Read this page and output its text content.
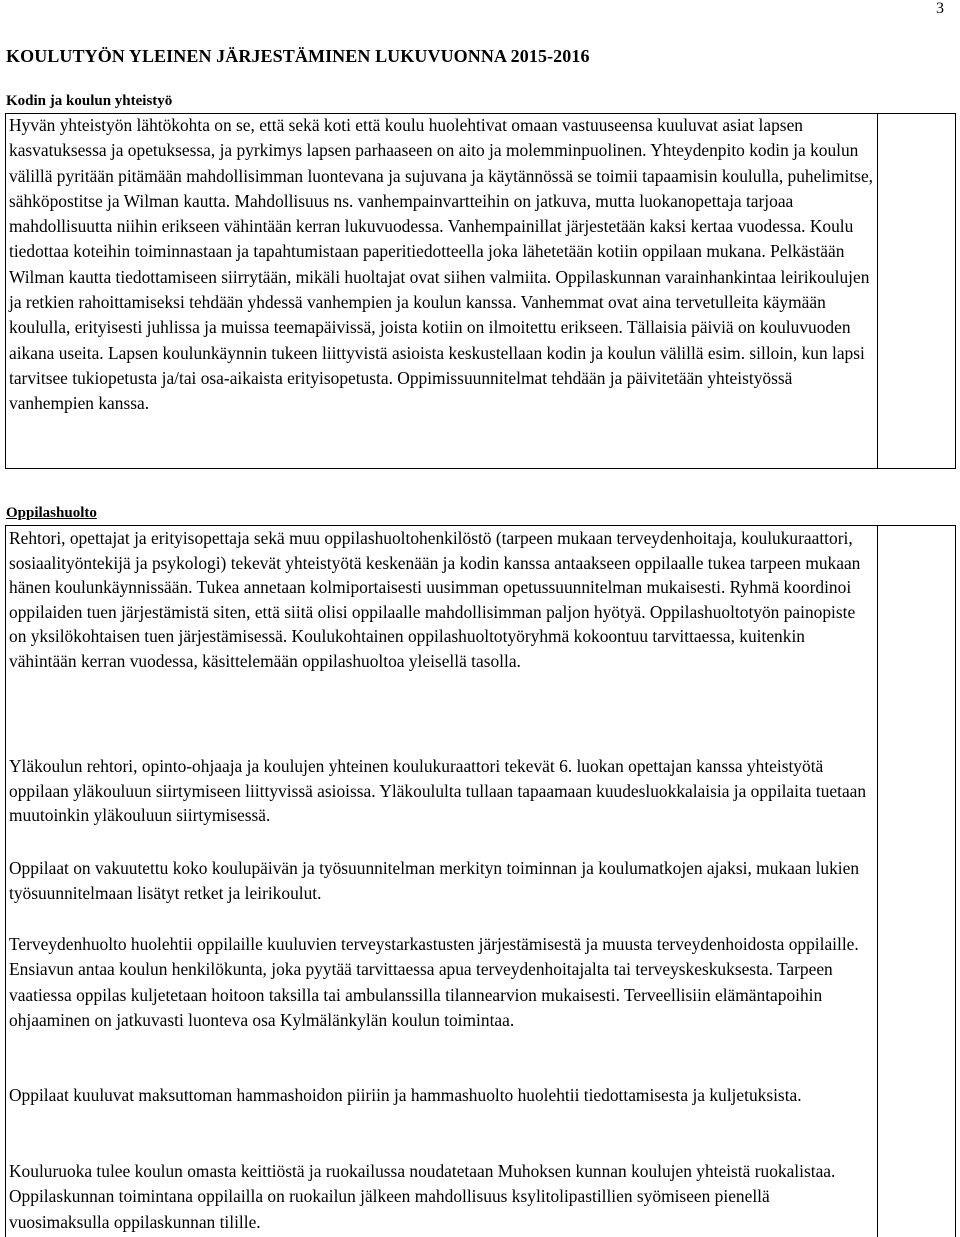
3
KOULUTYÖN YLEINEN JÄRJESTÄMINEN LUKUVUONNA 2015-2016
Kodin ja koulun yhteistyö

Hyvän yhteistyön lähtökohta on se, että sekä koti että koulu huolehtivat omaan vastuuseensa kuuluvat asiat lapsen kasvatuksessa ja opetuksessa, ja pyrkimys lapsen parhaaseen on aito ja molemminpuolinen. Yhteydenpito kodin ja koulun välillä pyritään pitämään mahdollisimman luontevana ja sujuvana ja käytännössä se toimii tapaamisin koululla, puhelimitse, sähköpostitse ja Wilman kautta. Mahdollisuus ns. vanhempainvartteihin on jatkuva, mutta luokanopettaja tarjoaa mahdollisuutta niihin erikseen vähintään kerran lukuvuodessa. Vanhempainillat järjestetään kaksi kertaa vuodessa. Koulu tiedottaa koteihin toiminnastaan ja tapahtumistaan paperitiedotteella joka lähetetään kotiin oppilaan mukana. Pelkästään Wilman kautta tiedottamiseen siirrytään, mikäli huoltajat ovat siihen valmiita. Oppilaskunnan varainhankintaa leirikoulujen ja retkien rahoittamiseksi tehdään yhdessä vanhempien ja koulun kanssa. Vanhemmat ovat aina tervetulleita käymään koululla, erityisesti juhlissa ja muissa teemapäivissä, joista kotiin on ilmoitettu erikseen. Tällaisia päiviä on kouluvuoden aikana useita. Lapsen koulunkäynnin tukeen liittyvistä asioista keskustellaan kodin ja koulun välillä esim. silloin, kun lapsi tarvitsee tukiopetusta ja/tai osa-aikaista erityisopetusta. Oppimissuunnitelmat tehdään ja päivitetään yhteistyössä vanhempien kanssa.

Oppilashuolto

Rehtori, opettajat ja erityisopettaja sekä muu oppilashuoltohenkilöstö (tarpeen mukaan terveydenhoitaja, koulukuraattori, sosiaalityöntekijä ja psykologi) tekevät yhteistyötä keskenään ja kodin kanssa antaakseen oppilaalle tukea tarpeen mukaan hänen koulunkäynnissään. Tukea annetaan kolmiportaisesti uusimman opetussuunnitelman mukaisesti. Ryhmä koordinoi oppilaiden tuen järjestämistä siten, että siitä olisi oppilaalle mahdollisimman paljon hyötyä. Oppilashuoltotyön painopiste on yksilökohtaisen tuen järjestämisessä. Koulukohtainen oppilashuoltotyöryhmä kokoontuu tarvittaessa, kuitenkin vähintään kerran vuodessa, käsittelemään oppilashuoltoa yleisellä tasolla.

Yläkoulun rehtori, opinto-ohjaaja ja koulujen yhteinen koulukuraattori tekevät 6. luokan opettajan kanssa yhteistyötä oppilaan yläkouluun siirtymiseen liittyvissä asioissa. Yläkoululta tullaan tapaamaan kuudesluokkalaisia ja oppilaita tuetaan muutoinkin yläkouluun siirtymisessä.

Oppilaat on vakuutettu koko koulupäivän ja työsuunnitelman merkityn toiminnan ja koulumatkojen ajaksi, mukaan lukien työsuunnitelmaan lisätyt retket ja leirikoulut.

Terveydenhuolto huolehtii oppilaille kuuluvien terveystarkastusten järjestämisestä ja muusta terveydenhoidosta oppilaille. Ensiavun antaa koulun henkilökunta, joka pyytää tarvittaessa apua terveydenhoitajalta tai terveyskeskuksesta. Tarpeen vaatiessa oppilas kuljetetaan hoitoon taksilla tai ambulanssilla tilannearvion mukaisesti. Terveellisiin elämäntapoihin ohjaaminen on jatkuvasti luonteva osa Kylmälänkylän koulun toimintaa.

Oppilaat kuuluvat maksuttoman hammashoidon piiriin ja hammashuolto huolehtii tiedottamisesta ja kuljetuksista.

Kouluruoka tulee koulun omasta keittiöstä ja ruokailussa noudatetaan Muhoksen kunnan koulujen yhteistä ruokalistaa. Oppilaskunnan toimintana oppilailla on ruokailun jälkeen mahdollisuus ksylitolipastillien syömiseen pienellä vuosimaksulla oppilaskunnan tilille.
